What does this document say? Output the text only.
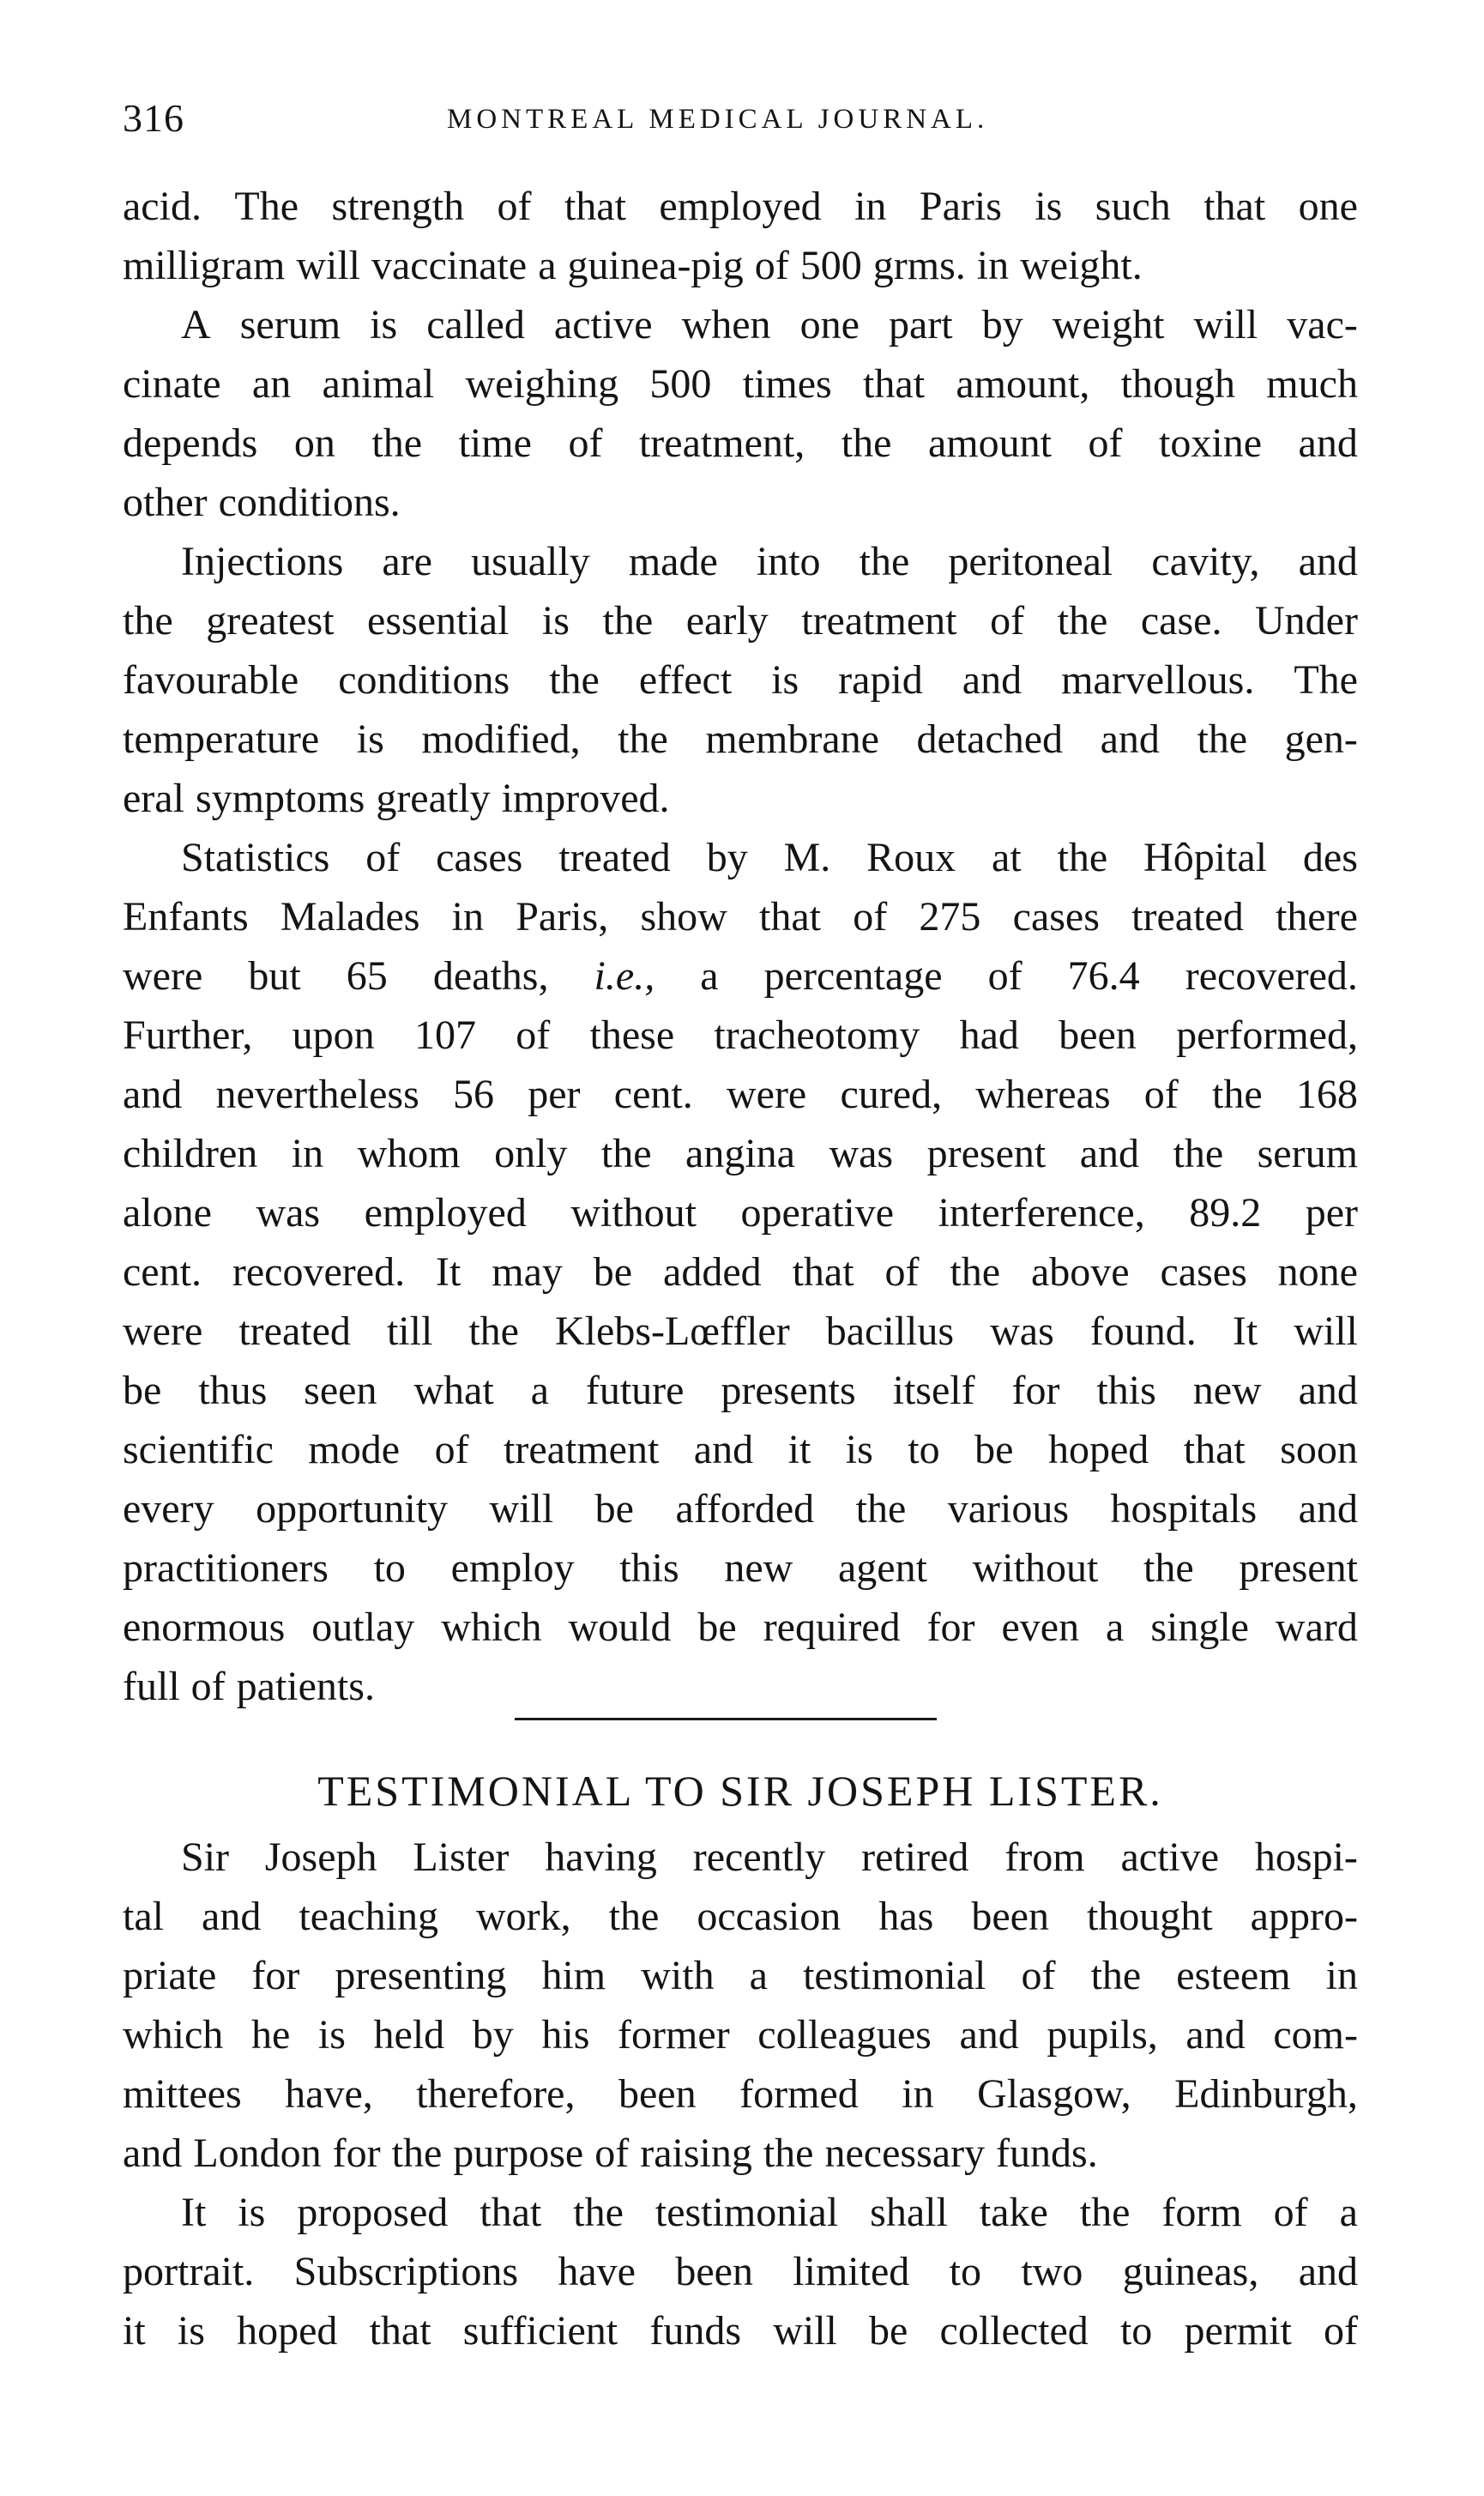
316	MONTREAL MEDICAL JOURNAL.
acid. The strength of that employed in Paris is such that one
milligram will vaccinate a guinea-pig of 500 grms. in weight.
A serum is called active when one part by weight will vac-
cinate an animal weighing 500 times that amount, though much
depends on the time of treatment, the amount of toxine and
other conditions.
Injections are usually made into the peritoneal cavity, and
the greatest essential is the early treatment of the case. Under
favourable conditions the effect is rapid and marvellous. The
temperature is modified, the membrane detached and the gen-
eral symptoms greatly improved.
Statistics of cases treated by M. Roux at the Hôpital des
Enfants Malades in Paris, show that of 275 cases treated there
were but 65 deaths, i.e., a percentage of 76.4 recovered.
Further, upon 107 of these tracheotomy had been performed,
and nevertheless 56 per cent. were cured, whereas of the 168
children in whom only the angina was present and the serum
alone was employed without operative interference, 89.2 per
cent. recovered. It may be added that of the above cases none
were treated till the Klebs-Lœffler bacillus was found. It will
be thus seen what a future presents itself for this new and
scientific mode of treatment and it is to be hoped that soon
every opportunity will be afforded the various hospitals and
practitioners to employ this new agent without the present
enormous outlay which would be required for even a single ward
full of patients.
TESTIMONIAL TO SIR JOSEPH LISTER.
Sir Joseph Lister having recently retired from active hospi-
tal and teaching work, the occasion has been thought appro-
priate for presenting him with a testimonial of the esteem in
which he is held by his former colleagues and pupils, and com-
mittees have, therefore, been formed in Glasgow, Edinburgh,
and London for the purpose of raising the necessary funds.
It is proposed that the testimonial shall take the form of a
portrait. Subscriptions have been limited to two guineas, and
it is hoped that sufficient funds will be collected to permit of
